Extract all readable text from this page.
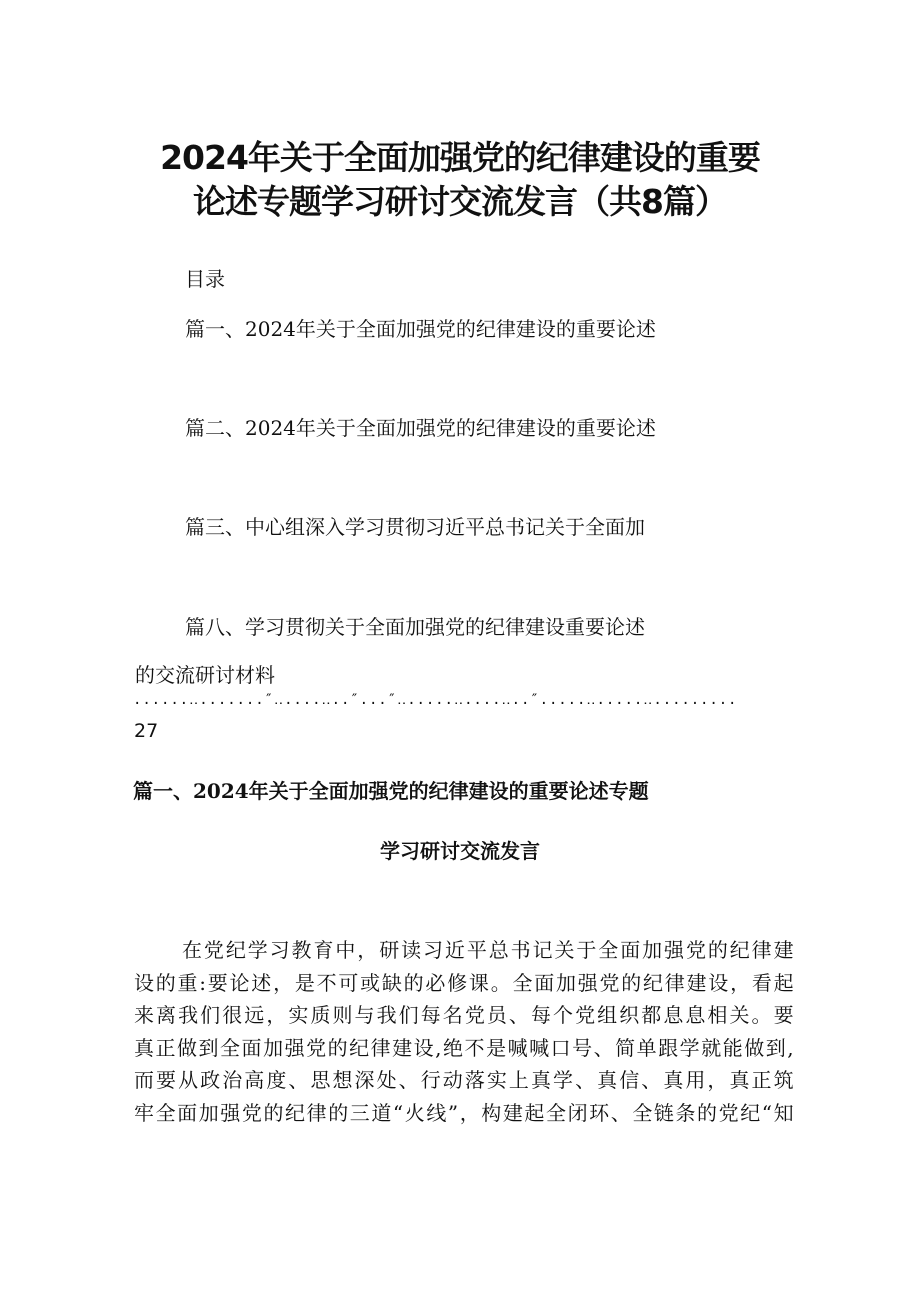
2024年关于全面加强党的纪律建设的重要
论述专题学习研讨交流发言（共8篇）
目录
篇一、2024年关于全面加强党的纪律建设的重要论述
篇二、2024年关于全面加强党的纪律建设的重要论述
篇三、中心组深入学习贯彻习近平总书记关于全面加
篇八、学习贯彻关于全面加强党的纪律建设重要论述
的交流研讨材料
......‥.......″‥....‥..″...″‥.....‥....‥..″.....‥.....‥.........
27
篇一、2024年关于全面加强党的纪律建设的重要论述专题
学习研讨交流发言
在党纪学习教育中，研读习近平总书记关于全面加强党的纪律建
设的重:要论述，是不可或缺的必修课。全面加强党的纪律建设，看起
来离我们很远，实质则与我们每名党员、每个党组织都息息相关。要
真正做到全面加强党的纪律建设,绝不是喊喊口号、简单跟学就能做到,
而要从政治高度、思想深处、行动落实上真学、真信、真用，真正筑
牢全面加强党的纪律的三道“火线”，构建起全闭环、全链条的党纪“知
